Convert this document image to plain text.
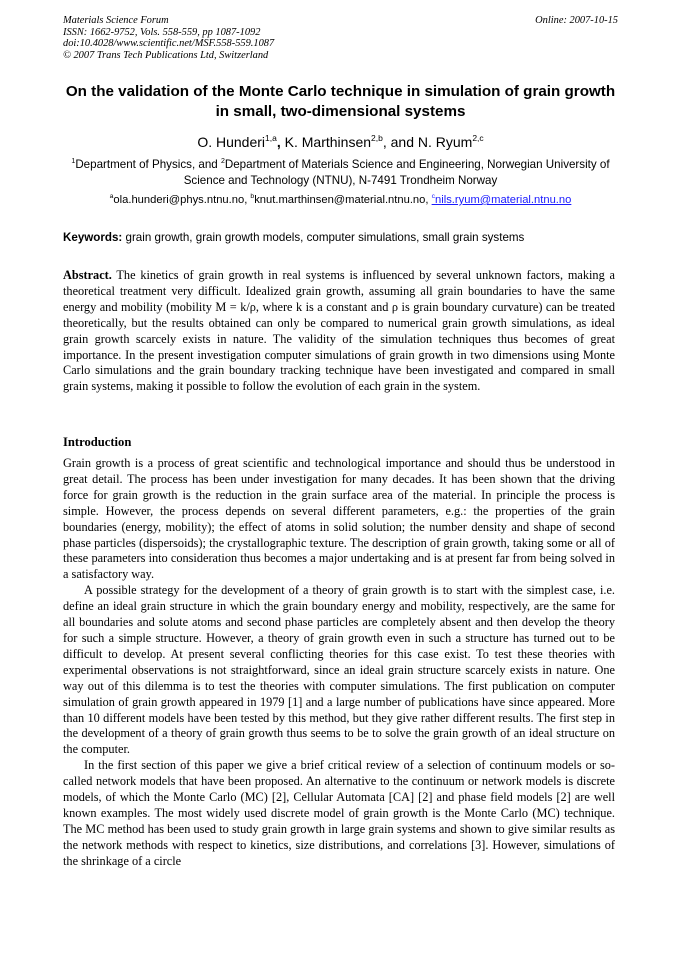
Materials Science Forum
ISSN: 1662-9752, Vols. 558-559, pp 1087-1092
doi:10.4028/www.scientific.net/MSF.558-559.1087
© 2007 Trans Tech Publications Ltd, Switzerland
Online: 2007-10-15
On the validation of the Monte Carlo technique in simulation of grain growth in small, two-dimensional systems
O. Hunderi$^{1,a}$, K. Marthinsen$^{2,b}$, and N. Ryum$^{2,c}$
$^1$Department of Physics, and $^2$Department of Materials Science and Engineering, Norwegian University of Science and Technology (NTNU), N-7491 Trondheim Norway
$^a$ola.hunderi@phys.ntnu.no, $^b$knut.marthinsen@material.ntnu.no, $^c$nils.ryum@material.ntnu.no
Keywords: grain growth, grain growth models, computer simulations, small grain systems

Abstract. The kinetics of grain growth in real systems is influenced by several unknown factors, making a theoretical treatment very difficult. Idealized grain growth, assuming all grain boundaries to have the same energy and mobility (mobility M = k/ρ, where k is a constant and ρ is grain boundary curvature) can be treated theoretically, but the results obtained can only be compared to numerical grain growth simulations, as ideal grain growth scarcely exists in nature. The validity of the simulation techniques thus becomes of great importance. In the present investigation computer simulations of grain growth in two dimensions using Monte Carlo simulations and the grain boundary tracking technique have been investigated and compared in small grain systems, making it possible to follow the evolution of each grain in the system.

Introduction

Grain growth is a process of great scientific and technological importance and should thus be understood in great detail. The process has been under investigation for many decades. It has been shown that the driving force for grain growth is the reduction in the grain surface area of the material. In principle the process is simple. However, the process depends on several different parameters, e.g.: the properties of the grain boundaries (energy, mobility); the effect of atoms in solid solution; the number density and shape of second phase particles (dispersoids); the crystallographic texture. The description of grain growth, taking some or all of these parameters into consideration thus becomes a major undertaking and is at present far from being solved in a satisfactory way.

A possible strategy for the development of a theory of grain growth is to start with the simplest case, i.e. define an ideal grain structure in which the grain boundary energy and mobility, respectively, are the same for all boundaries and solute atoms and second phase particles are completely absent and then develop the theory for such a simple structure. However, a theory of grain growth even in such a structure has turned out to be difficult to develop. At present several conflicting theories for this case exist. To test these theories with experimental observations is not straightforward, since an ideal grain structure scarcely exists in nature. One way out of this dilemma is to test the theories with computer simulations. The first publication on computer simulation of grain growth appeared in 1979 [1] and a large number of publications have since appeared. More than 10 different models have been tested by this method, but they give rather different results. The first step in the development of a theory of grain growth thus seems to be to solve the grain growth of an ideal structure on the computer.

In the first section of this paper we give a brief critical review of a selection of continuum models or so-called network models that have been proposed. An alternative to the continuum or network models is discrete models, of which the Monte Carlo (MC) [2], Cellular Automata [CA] [2] and phase field models [2] are well known examples. The most widely used discrete model of grain growth is the Monte Carlo (MC) technique. The MC method has been used to study grain growth in large grain systems and shown to give similar results as the network methods with respect to kinetics, size distributions, and correlations [3]. However, simulations of the shrinkage of a circle
